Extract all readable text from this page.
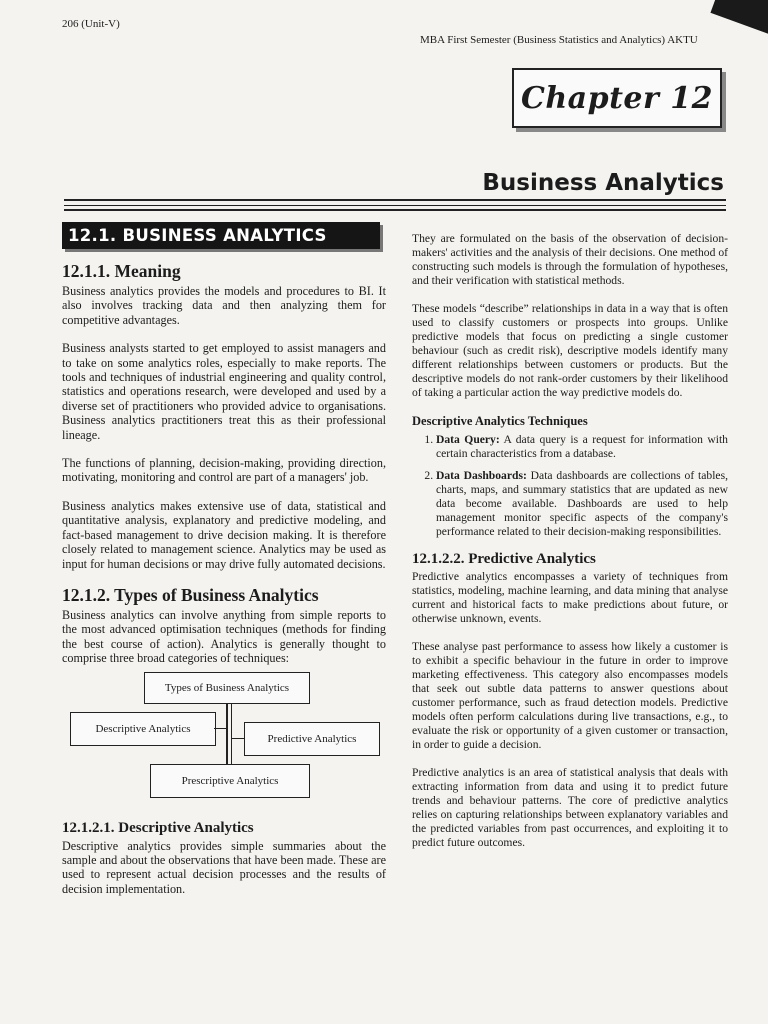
206 (Unit-V)
MBA First Semester (Business Statistics and Analytics) AKTU
Chapter 12
Business Analytics
12.1. BUSINESS ANALYTICS
12.1.1. Meaning

Business analytics provides the models and procedures to BI. It also involves tracking data and then analyzing them for competitive advantages.

Business analysts started to get employed to assist managers and to take on some analytics roles, especially to make reports. The tools and techniques of industrial engineering and quality control, statistics and operations research, were developed and used by a diverse set of practitioners who provided advice to organisations. Business analytics practitioners treat this as their professional lineage.

The functions of planning, decision-making, providing direction, motivating, monitoring and control are part of a managers' job.

Business analytics makes extensive use of data, statistical and quantitative analysis, explanatory and predictive modeling, and fact-based management to drive decision making. It is therefore closely related to management science. Analytics may be used as input for human decisions or may drive fully automated decisions.

12.1.2. Types of Business Analytics

Business analytics can involve anything from simple reports to the most advanced optimisation techniques (methods for finding the best course of action). Analytics is generally thought to comprise three broad categories of techniques:

Types of Business Analytics
Descriptive Analytics
Predictive Analytics
Prescriptive Analytics
12.1.2.1. Descriptive Analytics

Descriptive analytics provides simple summaries about the sample and about the observations that have been made. These are used to represent actual decision processes and the results of decision implementation.

They are formulated on the basis of the observation of decision-makers' activities and the analysis of their decisions. One method of constructing such models is through the formulation of hypotheses, and their verification with statistical methods.

These models “describe” relationships in data in a way that is often used to classify customers or prospects into groups. Unlike predictive models that focus on predicting a single customer behaviour (such as credit risk), descriptive models identify many different relationships between customers or products. But the descriptive models do not rank-order customers by their likelihood of taking a particular action the way predictive models do.

Descriptive Analytics Techniques
1. Data Query: A data query is a request for information with certain characteristics from a database.
2. Data Dashboards: Data dashboards are collections of tables, charts, maps, and summary statistics that are updated as new data become available. Dashboards are used to help management monitor specific aspects of the company's performance related to their decision-making responsibilities.
12.1.2.2. Predictive Analytics

Predictive analytics encompasses a variety of techniques from statistics, modeling, machine learning, and data mining that analyse current and historical facts to make predictions about future, or otherwise unknown, events.

These analyse past performance to assess how likely a customer is to exhibit a specific behaviour in the future in order to improve marketing effectiveness. This category also encompasses models that seek out subtle data patterns to answer questions about customer performance, such as fraud detection models. Predictive models often perform calculations during live transactions, e.g., to evaluate the risk or opportunity of a given customer or transaction, in order to guide a decision.

Predictive analytics is an area of statistical analysis that deals with extracting information from data and using it to predict future trends and behaviour patterns. The core of predictive analytics relies on capturing relationships between explanatory variables and the predicted variables from past occurrences, and exploiting it to predict future outcomes.
